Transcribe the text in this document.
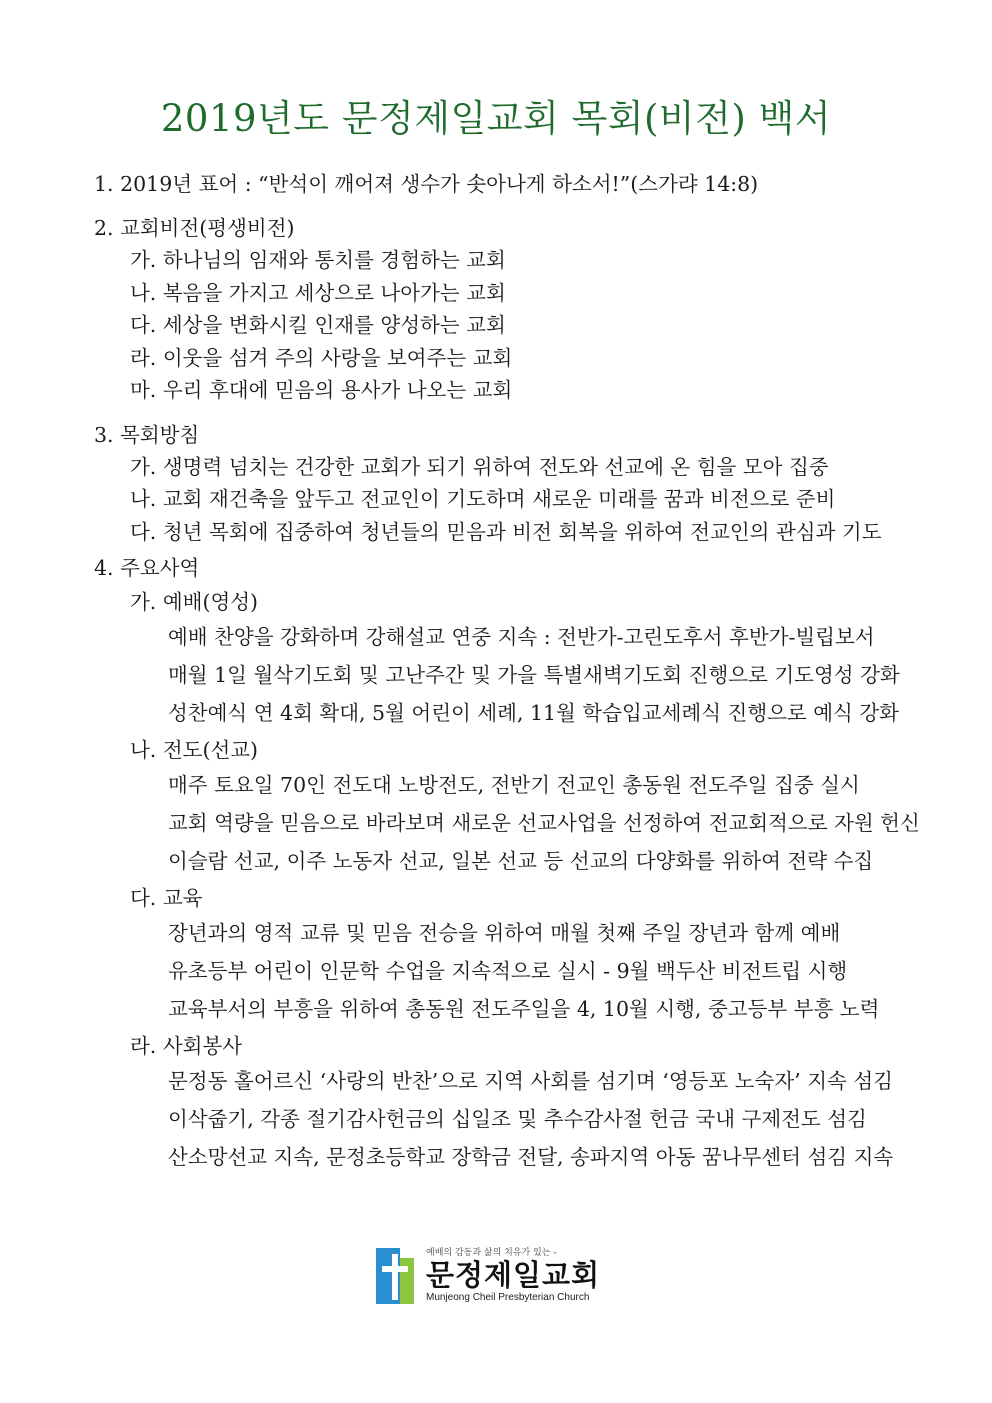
2019년도 문정제일교회 목회(비전) 백서
1. 2019년 표어 : “반석이 깨어져 생수가 솟아나게 하소서!”(스가랴 14:8)
2. 교회비전(평생비전)
가. 하나님의 임재와 통치를 경험하는 교회
나. 복음을 가지고 세상으로 나아가는 교회
다. 세상을 변화시킬 인재를 양성하는 교회
라. 이웃을 섬겨 주의 사랑을 보여주는 교회
마. 우리 후대에 믿음의 용사가 나오는 교회
3. 목회방침
가. 생명력 넘치는 건강한 교회가 되기 위하여 전도와 선교에 온 힘을 모아 집중
나. 교회 재건축을 앞두고 전교인이 기도하며 새로운 미래를 꿈과 비전으로 준비
다. 청년 목회에 집중하여 청년들의 믿음과 비전 회복을 위하여 전교인의 관심과 기도
4. 주요사역
가. 예배(영성)
예배 찬양을 강화하며 강해설교 연중 지속 : 전반가-고린도후서 후반가-빌립보서
매월 1일 월삭기도회 및 고난주간 및 가을 특별새벽기도회 진행으로 기도영성 강화
성찬예식 연 4회 확대, 5월 어린이 세례, 11월 학습입교세례식 진행으로 예식 강화
나. 전도(선교)
매주 토요일 70인 전도대 노방전도, 전반기 전교인 총동원 전도주일 집중 실시
교회 역량을 믿음으로 바라보며 새로운 선교사업을 선정하여 전교회적으로 자원 헌신
이슬람 선교, 이주 노동자 선교, 일본 선교 등 선교의 다양화를 위하여 전략 수집
다. 교육
장년과의 영적 교류 및 믿음 전승을 위하여 매월 첫째 주일 장년과 함께 예배
유초등부 어린이 인문학 수업을 지속적으로 실시 - 9월 백두산 비전트립 시행
교육부서의 부흥을 위하여 총동원 전도주일을 4, 10월 시행, 중고등부 부흥 노력
라. 사회봉사
문정동 홀어르신 ‘사랑의 반찬’으로 지역 사회를 섬기며 ‘영등포 노숙자’ 지속 섬김
이삭줍기, 각종 절기감사헌금의 십일조 및 추수감사절 헌금 국내 구제전도 섬김
산소망선교 지속, 문정초등학교 장학금 전달, 송파지역 아동 꿈나무센터 섬김 지속
예배의 감동과 삶의 치유가 있는 -
문정제일교회
Munjeong Cheil Presbyterian Church
